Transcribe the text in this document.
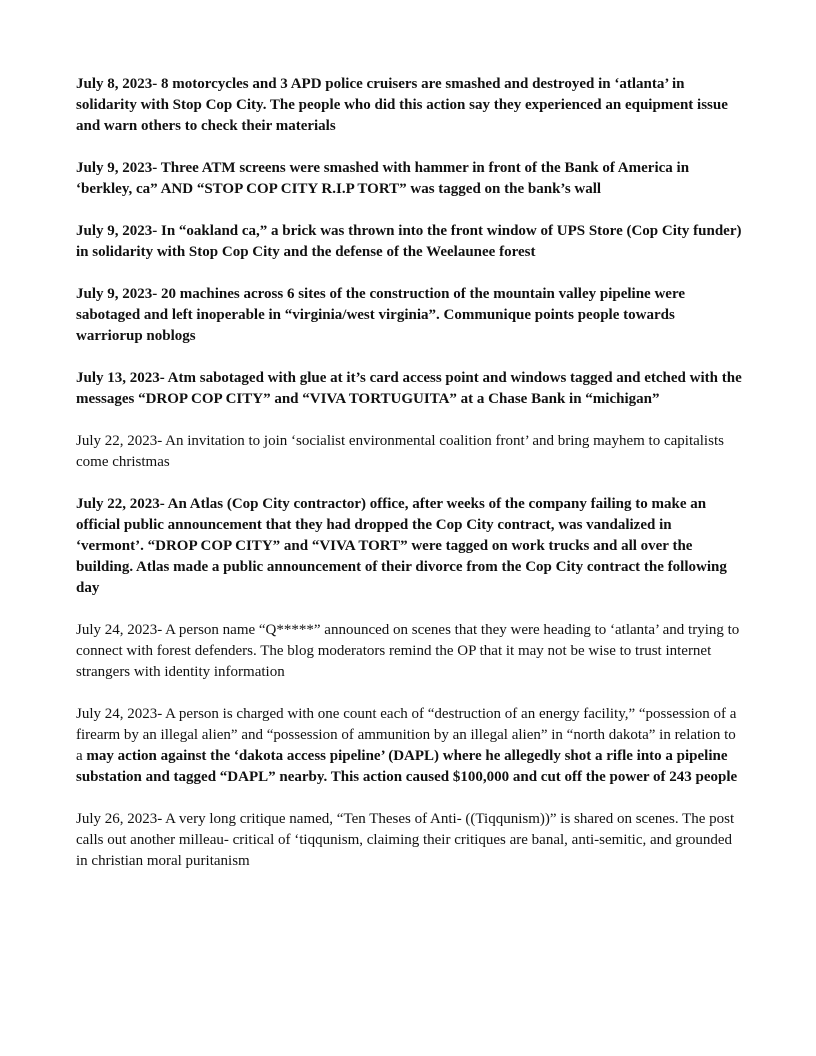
July 8, 2023- 8 motorcycles and 3 APD police cruisers are smashed and destroyed in ‘atlanta’ in solidarity with Stop Cop City. The people who did this action say they experienced an equipment issue and warn others to check their materials

July 9, 2023- Three ATM screens were smashed with hammer in front of the Bank of America in ‘berkley, ca” AND “STOP COP CITY R.I.P TORT” was tagged on the bank’s wall

July 9, 2023- In “oakland ca,” a brick was thrown into the front window of UPS Store (Cop City funder) in solidarity with Stop Cop City and the defense of the Weelaunee forest

July 9, 2023- 20 machines across 6 sites of the construction of the mountain valley pipeline were sabotaged and left inoperable in “virginia/west virginia”. Communique points people towards warriorup noblogs

July 13, 2023- Atm sabotaged with glue at it’s card access point and windows tagged and etched with the messages “DROP COP CITY” and “VIVA TORTUGUITA” at a Chase Bank in “michigan”

July 22, 2023- An invitation to join ‘socialist environmental coalition front’ and bring mayhem to capitalists come christmas

July 22, 2023- An Atlas (Cop City contractor) office, after weeks of the company failing to make an official public announcement that they had dropped the Cop City contract, was vandalized in ‘vermont’. “DROP COP CITY” and “VIVA TORT” were tagged on work trucks and all over the building. Atlas made a public announcement of their divorce from the Cop City contract the following day

July 24, 2023- A person name “Q*****” announced on scenes that they were heading to ‘atlanta’ and trying to connect with forest defenders. The blog moderators remind the OP that it may not be wise to trust internet strangers with identity information

July 24, 2023- A person is charged with one count each of “destruction of an energy facility,” “possession of a firearm by an illegal alien” and “possession of ammunition by an illegal alien” in “north dakota” in relation to a may action against the ‘dakota access pipeline’ (DAPL) where he allegedly shot a rifle into a pipeline substation and tagged “DAPL” nearby. This action caused $100,000 and cut off the power of 243 people

July 26, 2023- A very long critique named, “Ten Theses of Anti- ((Tiqqunism))” is shared on scenes. The post calls out another milleau- critical of ‘tiqqunism, claiming their critiques are banal, anti-semitic, and grounded in christian moral puritanism
